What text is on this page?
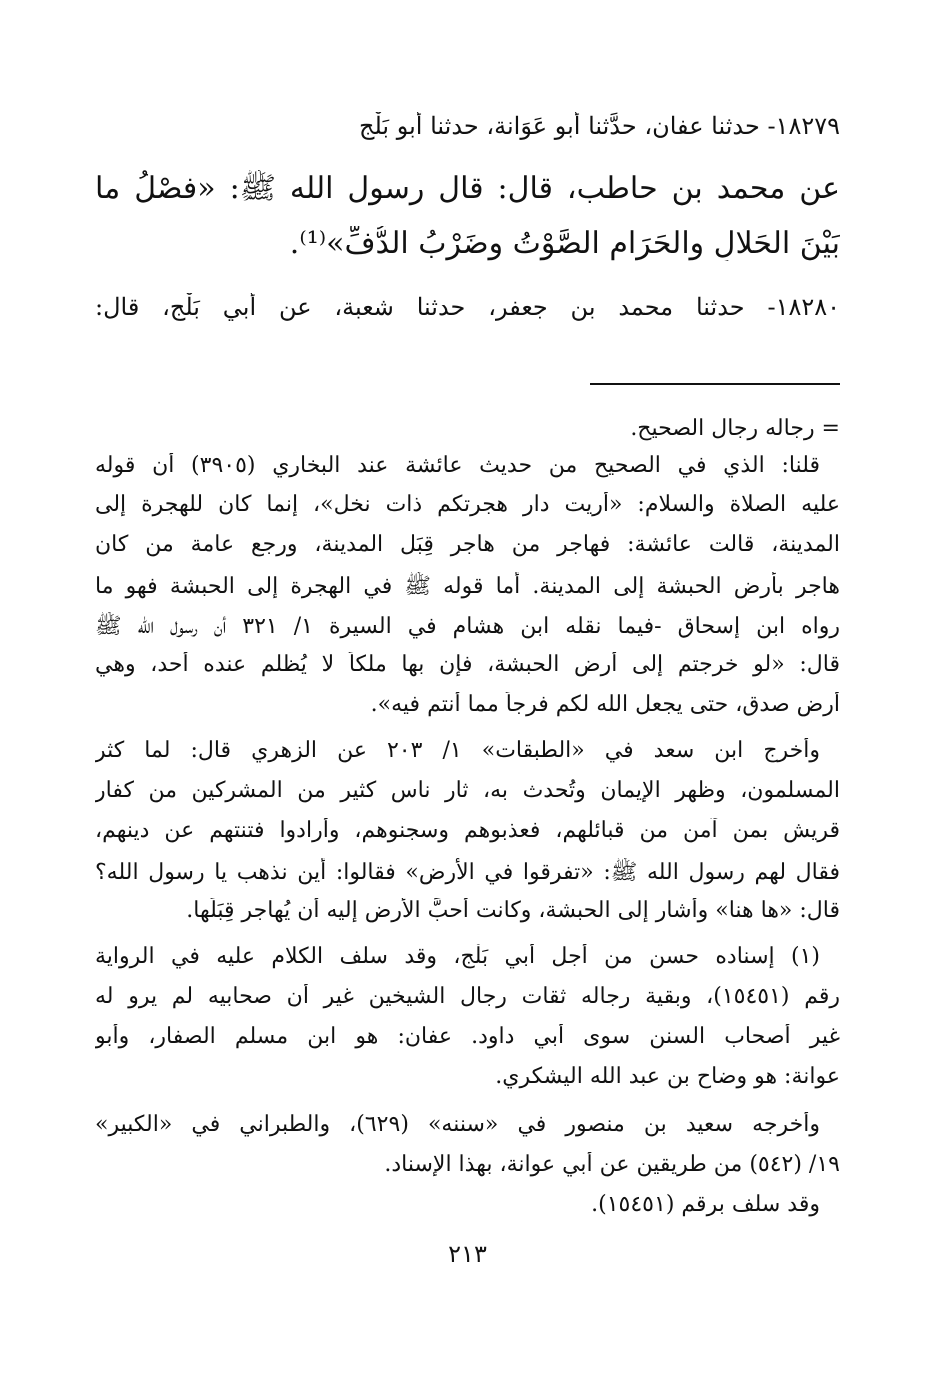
١٨٢٧٩- حدثنا عفان، حدَّثنا أبو عَوَانة، حدثنا أبو بَلْج

عن محمد بن حاطب، قال: قال رسول الله ﷺ: «فصْلُ ما

بَيْنَ الحَلالِ والحَرَامِ الصَّوْتُ وضَرْبُ الدُّفِّ»⁽¹⁾.

١٨٢٨٠- حدثنا محمد بن جعفر، حدثنا شعبة، عن أبي بَلْج، قال:

= رجاله رجال الصحيح.

قلنا: الذي في الصحيح من حديث عائشة عند البخاري (٣٩٠٥) أن قوله

عليه الصلاة والسلام: «أريت دار هجرتكم ذات نخل»، إنما كان للهجرة إلى

المدينة، قالت عائشة: فهاجر من هاجر قِبَل المدينة، ورجع عامة من كان

هاجر بأرض الحبشة إلى المدينة. أما قوله ﷺ في الهجرة إلى الحبشة فهو ما

رواه ابن إسحاق -فيما نقله ابن هشام في السيرة ١/ ٣٢١ أن رسول الله ﷺ

قال: «لو خرجتم إلى أرض الحبشة، فإن بها ملكاً لا يُظلم عنده أحد، وهي

أرض صدق، حتى يجعل الله لكم فرجاً مما أنتم فيه».

وأخرج ابن سعد في «الطبقات» ١/ ٢٠٣ عن الزهري قال: لما كثر

المسلمون، وظهر الإيمان وتُحدث به، ثار ناس كثير من المشركين من كفار

قريش بمن آمن من قبائلهم، فعذبوهم وسجنوهم، وأرادوا فتنتهم عن دينهم،

فقال لهم رسول الله ﷺ: «تفرقوا في الأرض» فقالوا: أين نذهب يا رسول الله؟

قال: «ها هنا» وأشار إلى الحبشة، وكانت أحبَّ الأرض إليه أن يُهاجر قِبَلَها.

(١) إسناده حسن من أجل أبي بَلْج، وقد سلف الكلام عليه في الرواية

رقم (١٥٤٥١)، وبقية رجاله ثقات رجال الشيخين غير أن صحابيه لم يرو له

غير أصحاب السنن سوى أبي داود. عفان: هو ابن مسلم الصفار، وأبو

عوانة: هو وضاح بن عبد الله اليشكري.

وأخرجه سعيد بن منصور في «سننه» (٦٢٩)، والطبراني في «الكبير»

١٩/ (٥٤٢) من طريقين عن أبي عوانة، بهذا الإسناد.

وقد سلف برقم (١٥٤٥١).

٢١٣
